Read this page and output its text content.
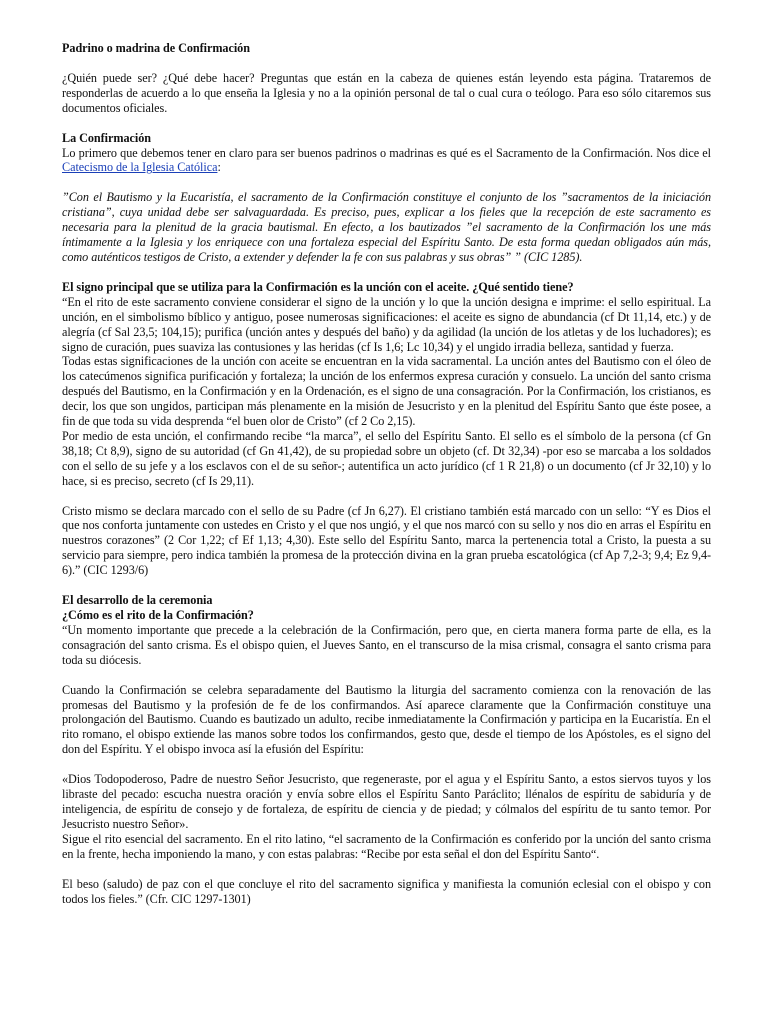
Padrino o madrina de Confirmación

¿Quién puede ser? ¿Qué debe hacer? Preguntas que están en la cabeza de quienes están leyendo esta página. Trataremos de responderlas de acuerdo a lo que enseña la Iglesia y no a la opinión personal de tal o cual cura o teólogo. Para eso sólo citaremos sus documentos oficiales.

La Confirmación

Lo primero que debemos tener en claro para ser buenos padrinos o madrinas es qué es el Sacramento de la Confirmación. Nos dice el Catecismo de la Iglesia Católica:

”Con el Bautismo y la Eucaristía, el sacramento de la Confirmación constituye el conjunto de los ”sacramentos de la iniciación cristiana”, cuya unidad debe ser salvaguardada. Es preciso, pues, explicar a los fieles que la recepción de este sacramento es necesaria para la plenitud de la gracia bautismal. En efecto, a los bautizados ”el sacramento de la Confirmación los une más íntimamente a la Iglesia y los enriquece con una fortaleza especial del Espíritu Santo. De esta forma quedan obligados aún más, como auténticos testigos de Cristo, a extender y defender la fe con sus palabras y sus obras” ” (CIC 1285).

El signo principal que se utiliza para la Confirmación es la unción con el aceite. ¿Qué sentido tiene?

“En el rito de este sacramento conviene considerar el signo de la unción y lo que la unción designa e imprime: el sello espiritual. La unción, en el simbolismo bíblico y antiguo, posee numerosas significaciones: el aceite es signo de abundancia (cf Dt 11,14, etc.) y de alegría (cf Sal 23,5; 104,15); purifica (unción antes y después del baño) y da agilidad (la unción de los atletas y de los luchadores); es signo de curación, pues suaviza las contusiones y las heridas (cf Is 1,6; Lc 10,34) y el ungido irradia belleza, santidad y fuerza.

Todas estas significaciones de la unción con aceite se encuentran en la vida sacramental. La unción antes del Bautismo con el óleo de los catecúmenos significa purificación y fortaleza; la unción de los enfermos expresa curación y consuelo. La unción del santo crisma después del Bautismo, en la Confirmación y en la Ordenación, es el signo de una consagración. Por la Confirmación, los cristianos, es decir, los que son ungidos, participan más plenamente en la misión de Jesucristo y en la plenitud del Espíritu Santo que éste posee, a fin de que toda su vida desprenda “el buen olor de Cristo” (cf 2 Co 2,15).

Por medio de esta unción, el confirmando recibe “la marca”, el sello del Espíritu Santo. El sello es el símbolo de la persona (cf Gn 38,18; Ct 8,9), signo de su autoridad (cf Gn 41,42), de su propiedad sobre un objeto (cf. Dt 32,34) -por eso se marcaba a los soldados con el sello de su jefe y a los esclavos con el de su señor-; autentifica un acto jurídico (cf 1 R 21,8) o un documento (cf Jr 32,10) y lo hace, si es preciso, secreto (cf Is 29,11).

Cristo mismo se declara marcado con el sello de su Padre (cf Jn 6,27). El cristiano también está marcado con un sello: “Y es Dios el que nos conforta juntamente con ustedes en Cristo y el que nos ungió, y el que nos marcó con su sello y nos dio en arras el Espíritu en nuestros corazones” (2 Cor 1,22; cf Ef 1,13; 4,30). Este sello del Espíritu Santo, marca la pertenencia total a Cristo, la puesta a su servicio para siempre, pero indica también la promesa de la protección divina en la gran prueba escatológica (cf Ap 7,2-3; 9,4; Ez 9,4-6).” (CIC 1293/6)

El desarrollo de la ceremonia

¿Cómo es el rito de la Confirmación?

“Un momento importante que precede a la celebración de la Confirmación, pero que, en cierta manera forma parte de ella, es la consagración del santo crisma. Es el obispo quien, el Jueves Santo, en el transcurso de la misa crismal, consagra el santo crisma para toda su diócesis.

Cuando la Confirmación se celebra separadamente del Bautismo la liturgia del sacramento comienza con la renovación de las promesas del Bautismo y la profesión de fe de los confirmandos. Así aparece claramente que la Confirmación constituye una prolongación del Bautismo. Cuando es bautizado un adulto, recibe inmediatamente la Confirmación y participa en la Eucaristía. En el rito romano, el obispo extiende las manos sobre todos los confirmandos, gesto que, desde el tiempo de los Apóstoles, es el signo del don del Espíritu. Y el obispo invoca así la efusión del Espíritu:

«Dios Todopoderoso, Padre de nuestro Señor Jesucristo, que regeneraste, por el agua y el Espíritu Santo, a estos siervos tuyos y los libraste del pecado: escucha nuestra oración y envía sobre ellos el Espíritu Santo Paráclito; llénalos de espíritu de sabiduría y de inteligencia, de espíritu de consejo y de fortaleza, de espíritu de ciencia y de piedad; y cólmalos del espíritu de tu santo temor. Por Jesucristo nuestro Señor».

Sigue el rito esencial del sacramento. En el rito latino, “el sacramento de la Confirmación es conferido por la unción del santo crisma en la frente, hecha imponiendo la mano, y con estas palabras: “Recibe por esta señal el don del Espíritu Santo“.

El beso (saludo) de paz con el que concluye el rito del sacramento significa y manifiesta la comunión eclesial con el obispo y con todos los fieles.” (Cfr. CIC 1297-1301)
